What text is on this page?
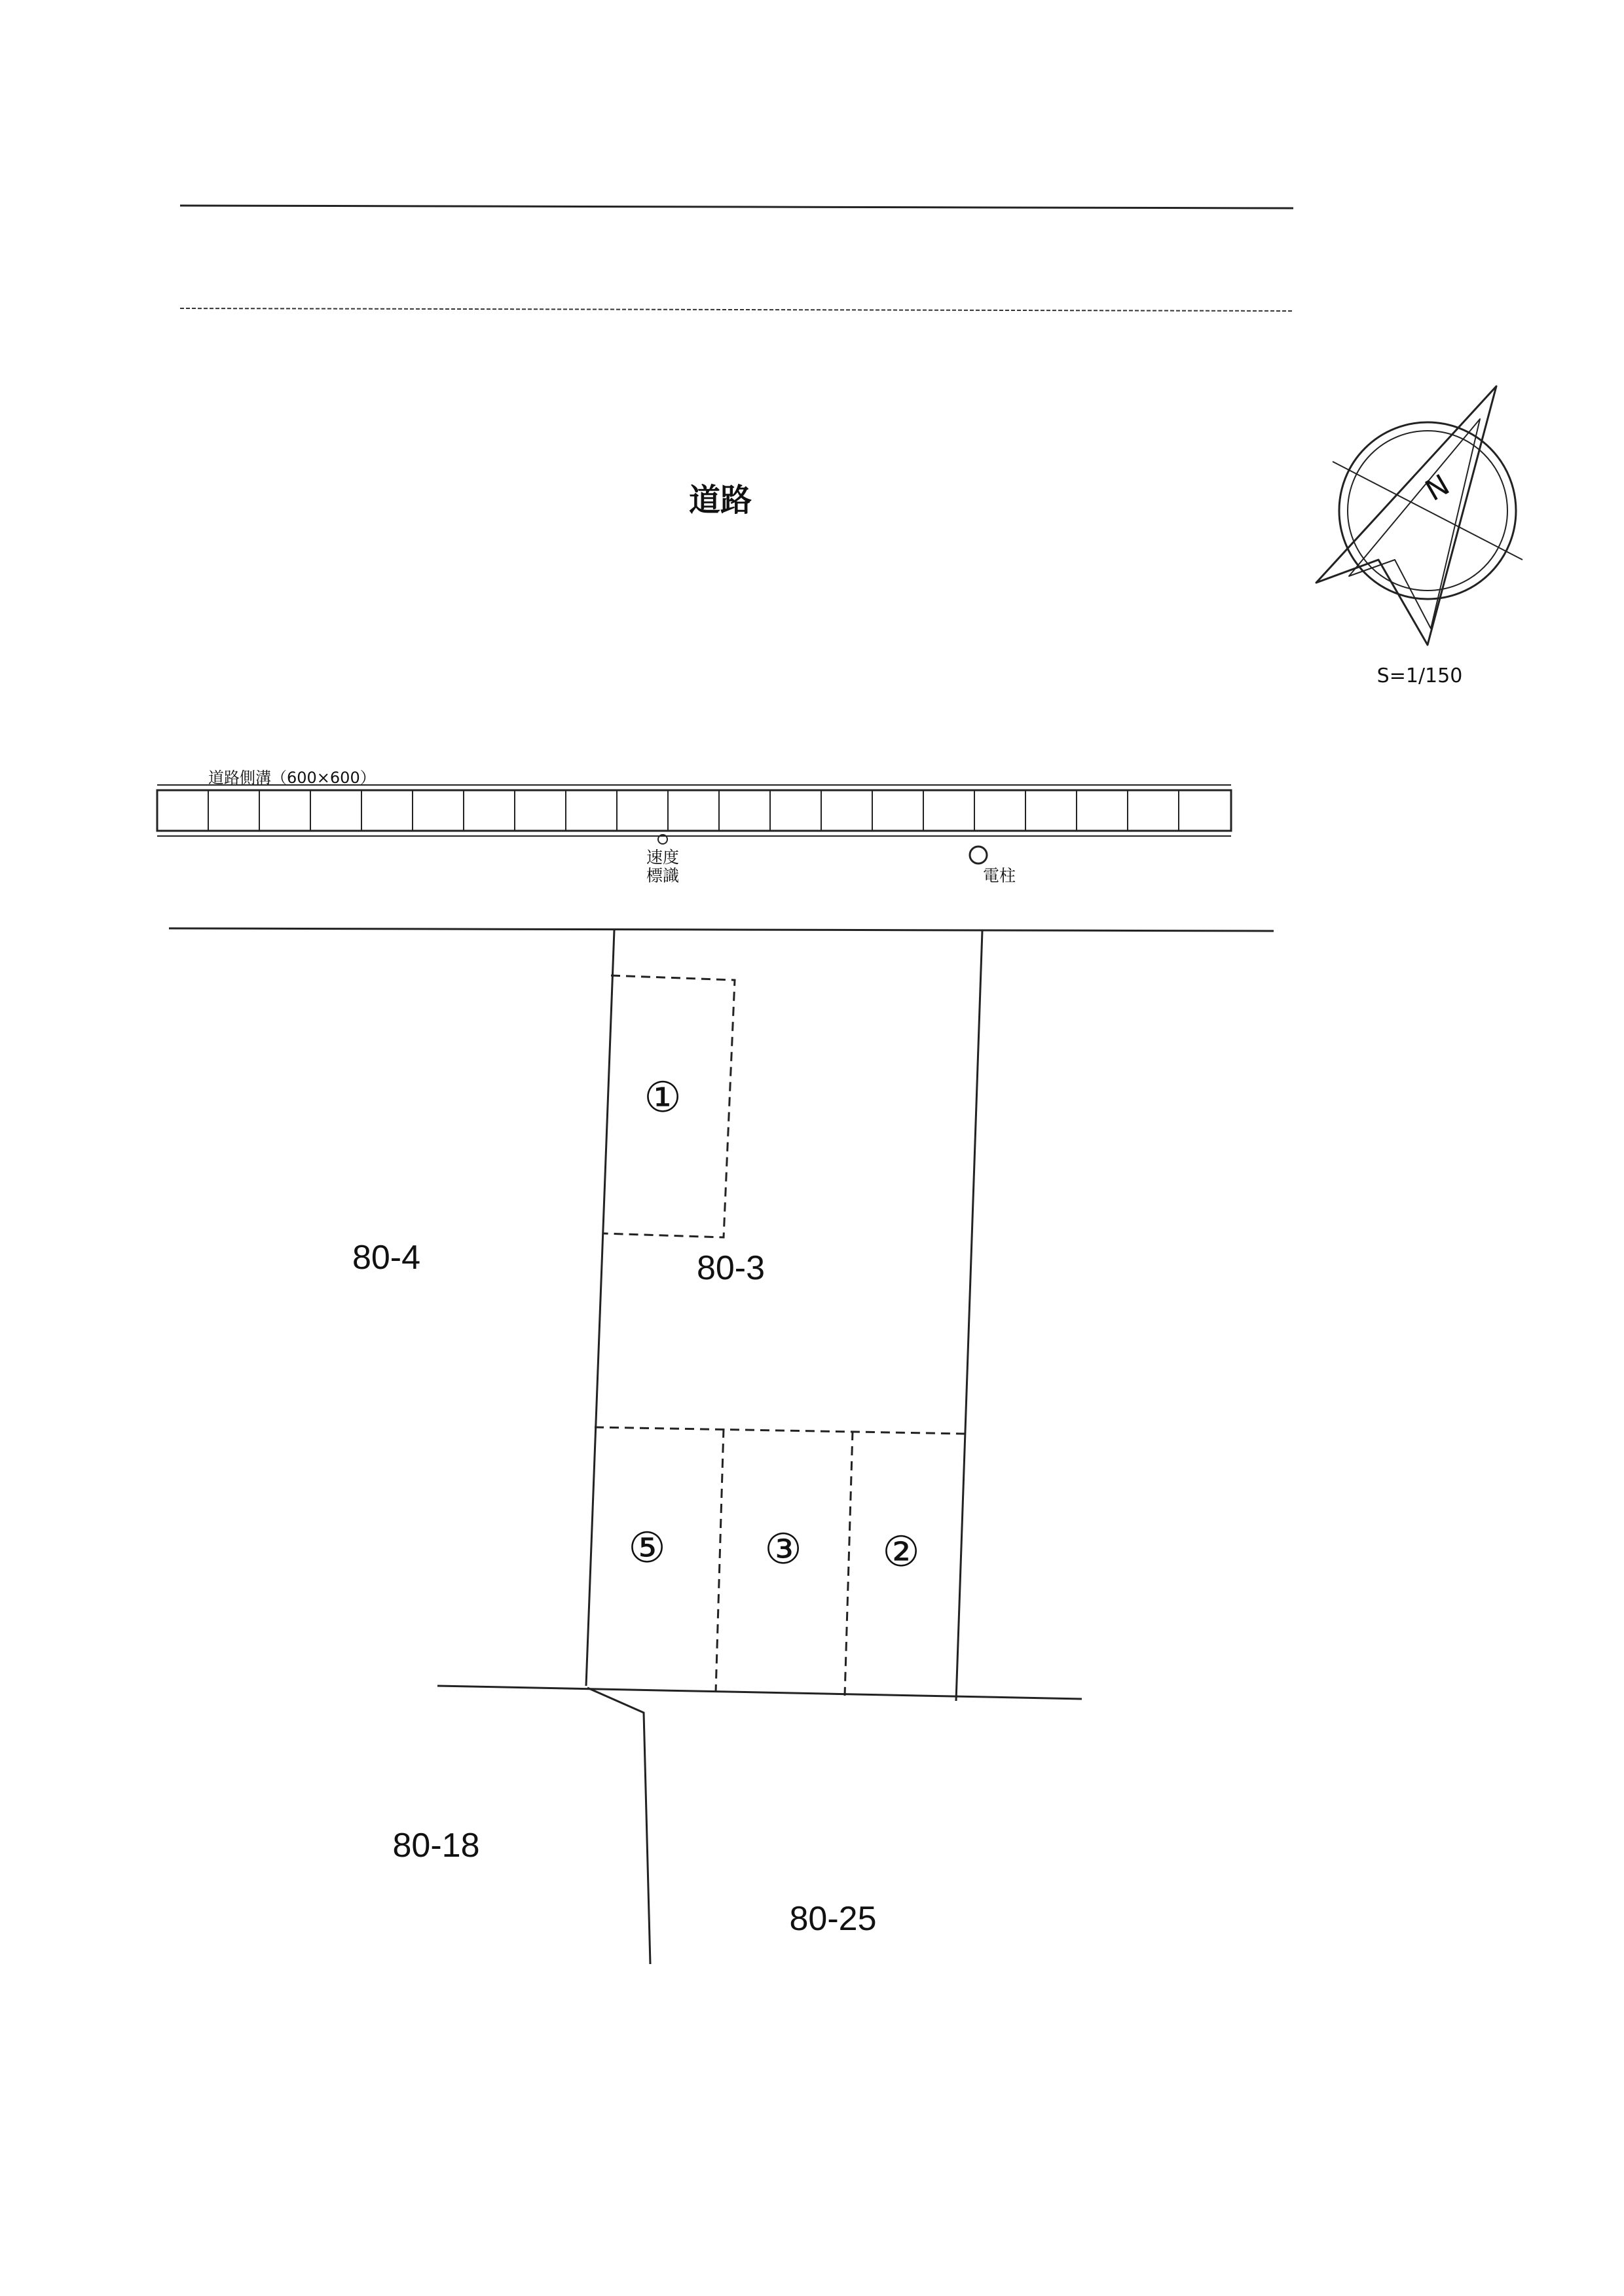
道路	N
S=1/150
道路側溝（600×600）
速度
標識	電柱
①
⑤ ③ ②
80-4	80-3
80-18
80-25
